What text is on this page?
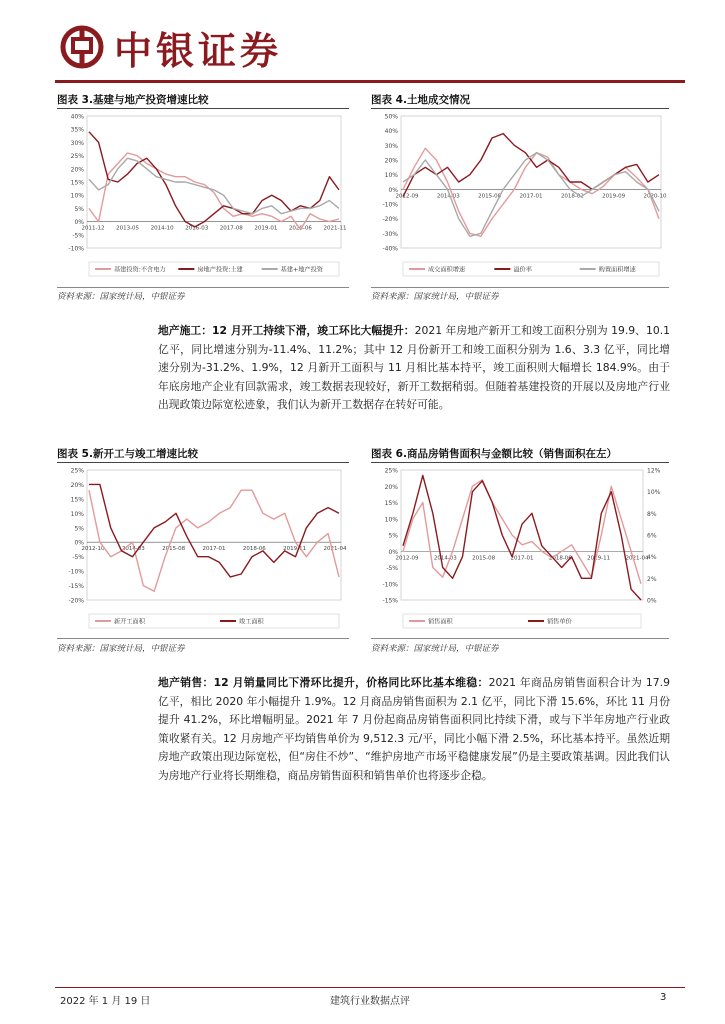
中银证券
图表 3.基建与地产投资增速比较
-10%
-5%
0%
5%
10%
15%
20%
25%
30%
35%
40%
2011-12 2013-05 2014-10 2016-03 2017-08 2019-01 2020-06 2021-11
基建投资:不含电力	房地产投资:土建	基建+地产投资
资料来源：国家统计局，中银证券
图表 4.土地成交情况
-40%
-30%
-20%
-10%
0%
10%
20%
30%
40%
50%
2012-09	2014-03	2015-08	2017-01	2018-02	2019-09	2020-10
成交面积增速	溢价率	购置面积增速
资料来源：国家统计局，中银证券
地产施工：12 月开工持续下滑，竣工环比大幅提升：2021 年房地产新开工和竣工面积分别为 19.9、10.1 亿平，同比增速分别为-11.4%、11.2%；其中 12 月份新开工和竣工面积分别为 1.6、3.3 亿平，同比增速分别为-31.2%、1.9%，12 月新开工面积与 11 月相比基本持平，竣工面积则大幅增长 184.9%。由于年底房地产企业有回款需求，竣工数据表现较好，新开工数据稍弱。但随着基建投资的开展以及房地产行业出现政策边际宽松迹象，我们认为新开工数据存在转好可能。
图表 5.新开工与竣工增速比较
-20%
-15%
-10%
-5%
0%
5%
10%
15%
20%
25%
2012-10	2014-03	2015-08	2017-01	2018-06	2019-11	2021-04
新开工面积	竣工面积
资料来源：国家统计局，中银证券
图表 6.商品房销售面积与金额比较（销售面积在左）
-15%
-10%
-5%
0%
5%
10%
15%
20%
25%
0%
2%
4%
6%
8%
10%
12%
2012-09	2014-03	2015-08	2017-01	2018-06	2019-11	2021-04
销售面积	销售单价
资料来源：国家统计局，中银证券
地产销售：12 月销量同比下滑环比提升，价格同比环比基本维稳：2021 年商品房销售面积合计为 17.9 亿平，相比 2020 年小幅提升 1.9%。12 月商品房销售面积为 2.1 亿平，同比下滑 15.6%，环比 11 月份提升 41.2%，环比增幅明显。2021 年 7 月份起商品房销售面积同比持续下滑，或与下半年房地产行业政策收紧有关。12 月房地产平均销售单价为 9,512.3 元/平，同比小幅下滑 2.5%，环比基本持平。虽然近期房地产政策出现边际宽松，但“房住不炒”、“维护房地产市场平稳健康发展”仍是主要政策基调。因此我们认为房地产行业将长期维稳，商品房销售面积和销售单价也将逐步企稳。
2022 年 1 月 19 日	建筑行业数据点评	3
